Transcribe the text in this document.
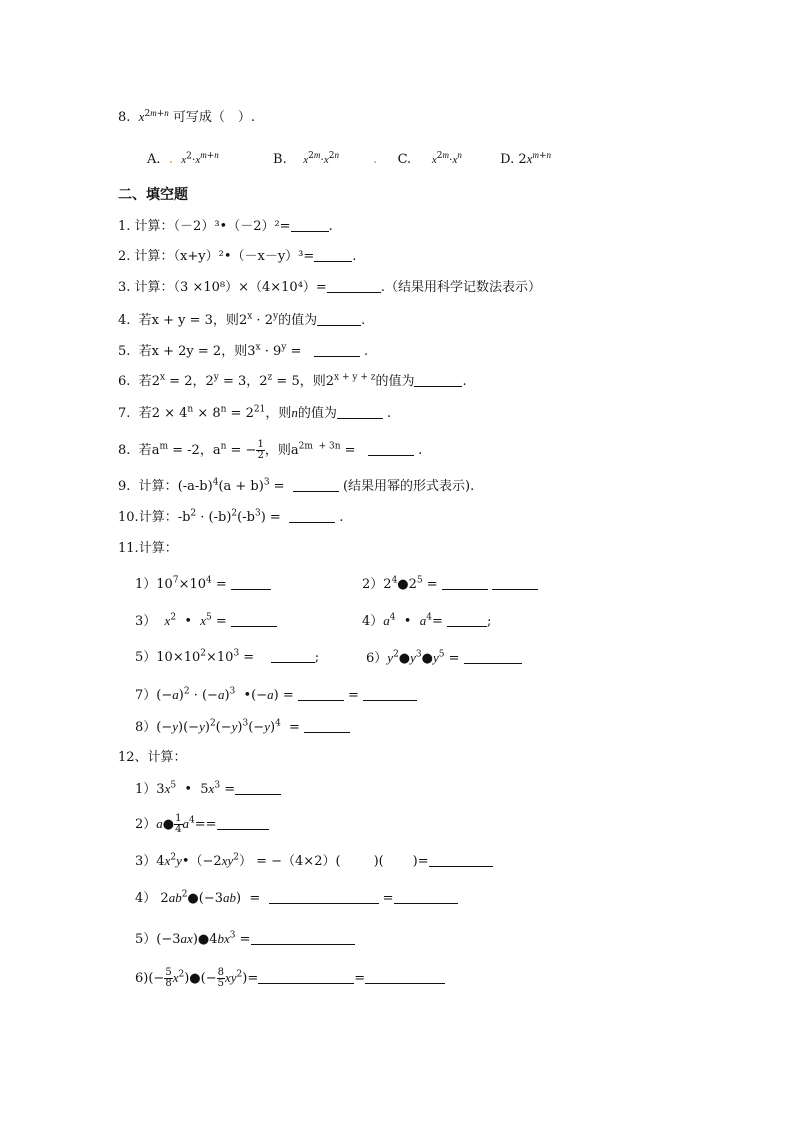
8. $x^{2m+n}$ 可写成（　）.
A. . $x^2\cdot x^{m+n}$	B. $x^{2m}\cdot x^{2n}$	. C. $x^{2m}\cdot x^n$	D. $2x^{m+n}$
二、填空题
1. 计算：（－2）³•（－2）²=	.
2. 计算：（x+y）²•（－x－y）³=	.
3. 计算：（3 ×10⁸）×（4×10⁴）=	.（结果用科学记数法表示）
4. 若x + y = 3，则$2^x \cdot 2^y$的值为	.
5. 若x + 2y = 2，则$3^x \cdot 9^y$ =	.
6. 若$2^x = 2$，$2^y = 3$，$2^z = 5$，则$2^{x + y + z}$的值为	.
7. 若$2 \times 4^n \times 8^n = 2^{21}$，则n的值为	.
8. 若$a^m = -2$，$a^n$ = − $\frac{1}{2}$ ，则$a^{2m + 3n}$ =	.
9. 计算：$(-a-b)^4(a + b)^3$ =	(结果用幂的形式表示).
10.计算：$-b^2 \cdot (-b)^2(-b^3)$ =	.
11.计算：
$1)10^7\times 10^4$ =	$2)2^4●2^5$ =
3） $x^2$  •  $x^5$ =	$4)a^4$  •  $a^4=$	;
$5)10\times 10^2\times 10^3$ =	;	$6)y^2●y^3●y^5$ =
$7)(-a)^2 \cdot (-a)^3$  •(−a) =	=
$8)(-y)(-y)^2(-y)^3(-y)^4$  =
12、计算：
$1)3x^5$  •  $5x^3$ =
2）a● $\frac{1}{4} a^4==$
$3)4x^2y•(-2xy^2) = -(4\times 2)$(        )(       )=
4） $2ab^2●(-3ab)$  =	=
$5)(-3ax)●4bx^3$ =
$6)(- \frac{5}{8}$ $x^2)●(- \frac{8}{5} xy^2)=$	=
